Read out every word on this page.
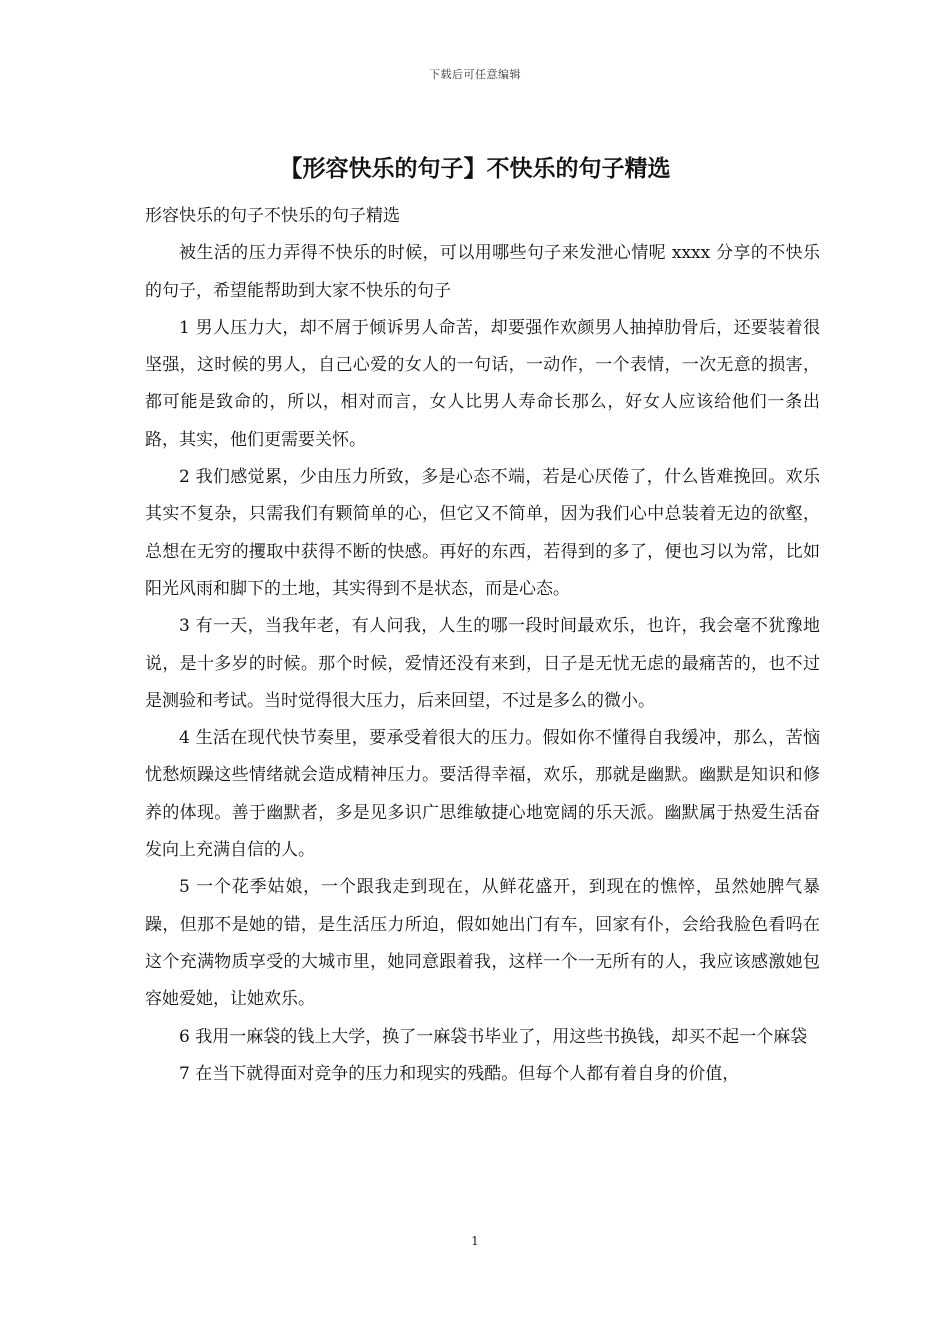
下载后可任意编辑
【形容快乐的句子】不快乐的句子精选

形容快乐的句子不快乐的句子精选

被生活的压力弄得不快乐的时候，可以用哪些句子来发泄心情呢 xxxx 分享的不快乐的句子，希望能帮助到大家不快乐的句子

1 男人压力大，却不屑于倾诉男人命苦，却要强作欢颜男人抽掉肋骨后，还要装着很坚强，这时候的男人，自己心爱的女人的一句话，一动作，一个表情，一次无意的损害，都可能是致命的，所以，相对而言，女人比男人寿命长那么，好女人应该给他们一条出路，其实，他们更需要关怀。

2 我们感觉累，少由压力所致，多是心态不端，若是心厌倦了，什么皆难挽回。欢乐其实不复杂，只需我们有颗简单的心，但它又不简单，因为我们心中总装着无边的欲壑，总想在无穷的攫取中获得不断的快感。再好的东西，若得到的多了，便也习以为常，比如阳光风雨和脚下的土地，其实得到不是状态，而是心态。

3 有一天，当我年老，有人问我，人生的哪一段时间最欢乐，也许，我会毫不犹豫地说，是十多岁的时候。那个时候，爱情还没有来到，日子是无忧无虑的最痛苦的，也不过是测验和考试。当时觉得很大压力，后来回望，不过是多么的微小。

4 生活在现代快节奏里，要承受着很大的压力。假如你不懂得自我缓冲，那么，苦恼忧愁烦躁这些情绪就会造成精神压力。要活得幸福，欢乐，那就是幽默。幽默是知识和修养的体现。善于幽默者，多是见多识广思维敏捷心地宽阔的乐天派。幽默属于热爱生活奋发向上充满自信的人。

5 一个花季姑娘，一个跟我走到现在，从鲜花盛开，到现在的憔悴，虽然她脾气暴躁，但那不是她的错，是生活压力所迫，假如她出门有车，回家有仆，会给我脸色看吗在这个充满物质享受的大城市里，她同意跟着我，这样一个一无所有的人，我应该感激她包容她爱她，让她欢乐。

6 我用一麻袋的钱上大学，换了一麻袋书毕业了，用这些书换钱，却买不起一个麻袋

7 在当下就得面对竞争的压力和现实的残酷。但每个人都有着自身的价值，

1
